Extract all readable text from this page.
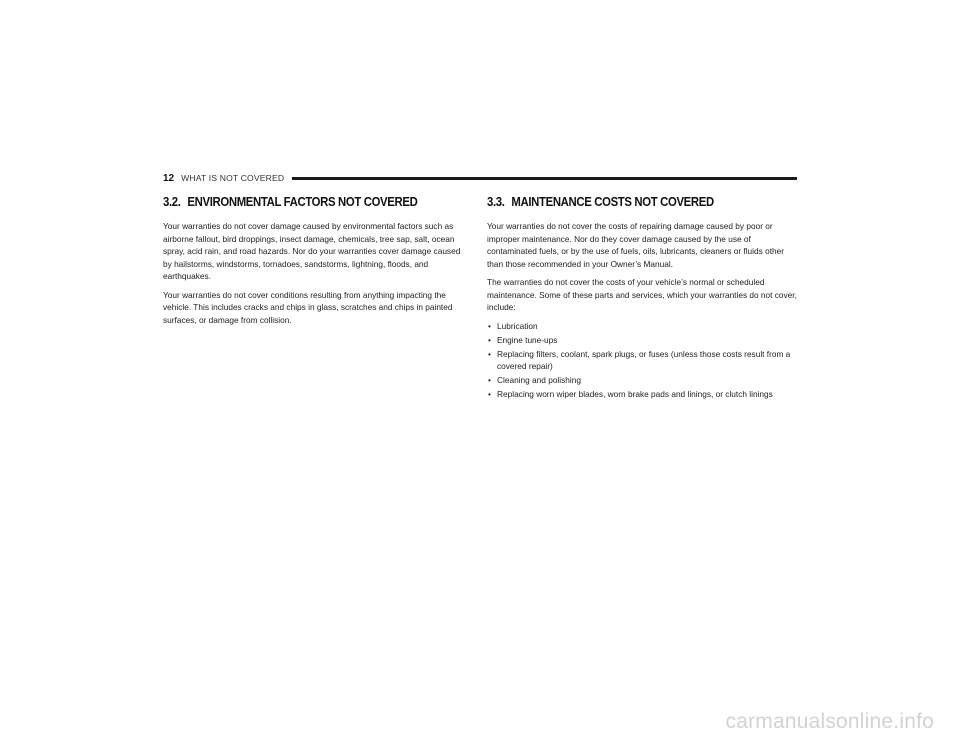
12 WHAT IS NOT COVERED
3.2. ENVIRONMENTAL FACTORS NOT COVERED

Your warranties do not cover damage caused by environmental factors such as airborne fallout, bird droppings, insect damage, chemicals, tree sap, salt, ocean spray, acid rain, and road hazards. Nor do your warranties cover damage caused by hailstorms, windstorms, tornadoes, sandstorms, lightning, floods, and earthquakes.

Your warranties do not cover conditions resulting from anything impacting the vehicle. This includes cracks and chips in glass, scratches and chips in painted surfaces, or damage from collision.

3.3. MAINTENANCE COSTS NOT COVERED

Your warranties do not cover the costs of repairing damage caused by poor or improper maintenance. Nor do they cover damage caused by the use of contaminated fuels, or by the use of fuels, oils, lubricants, cleaners or fluids other than those recommended in your Owner’s Manual.

The warranties do not cover the costs of your vehicle’s normal or scheduled maintenance. Some of these parts and services, which your warranties do not cover, include:

• Lubrication
• Engine tune-ups
• Replacing filters, coolant, spark plugs, or fuses (unless those costs result from a covered repair)
• Cleaning and polishing
• Replacing worn wiper blades, worn brake pads and linings, or clutch linings
carmanualsonline.info
